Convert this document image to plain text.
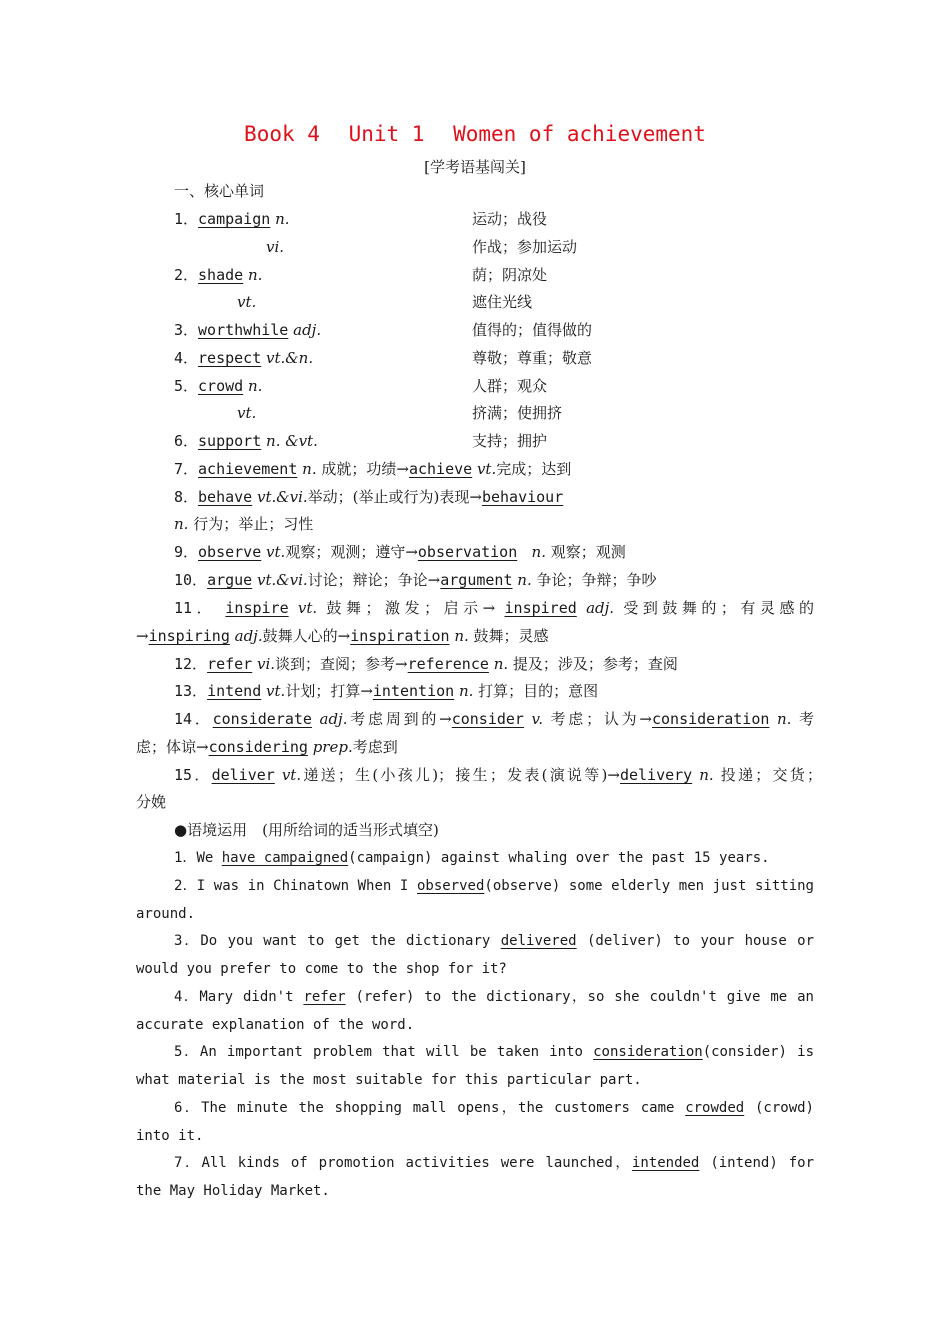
Book 4 Unit 1 Women of achievement
[学考语基闯关]
一、核心单词
1．campaign n.	运动；战役
vi.	作战；参加运动
2．shade n.	荫；阴凉处
vt.	遮住光线
3．worthwhile adj.	值得的；值得做的
4．respect vt.&n.	尊敬；尊重；敬意
5．crowd n.	人群；观众
vt.	挤满；使拥挤
6．support n. &vt.	支持；拥护
7．achievement n. 成就；功绩→achieve vt.完成；达到
8．behave vt.&vi.举动；(举止或行为)表现→behaviour
n. 行为；举止；习性
9．observe vt.观察；观测；遵守→observation n. 观察；观测
10．argue vt.&vi.讨论；辩论；争论→argument n. 争论；争辩；争吵
11． inspire vt. 鼓舞；激发；启示→ inspired adj. 受到鼓舞的；有灵感的
→inspiring adj.鼓舞人心的→inspiration n. 鼓舞；灵感
12．refer vi.谈到；查阅；参考→reference n. 提及；涉及；参考；查阅
13．intend vt.计划；打算→intention n. 打算；目的；意图
14．considerate adj.考虑周到的→consider v. 考虑；认为→consideration n. 考
虑；体谅→considering prep.考虑到
15．deliver vt.递送；生(小孩儿)；接生；发表(演说等)→delivery n. 投递；交货；
分娩
●语境运用　(用所给词的适当形式填空)
1．We have campaigned(campaign) against whaling over the past 15 years.
2．I was in Chinatown When I observed(observe) some elderly men just sitting
around.
3．Do you want to get the dictionary delivered (deliver) to your house or
would you prefer to come to the shop for it?
4．Mary didn't refer (refer) to the dictionary，so she couldn't give me an
accurate explanation of the word.
5．An important problem that will be taken into consideration(consider) is
what material is the most suitable for this particular part.
6．The minute the shopping mall opens，the customers came crowded (crowd)
into it.
7．All kinds of promotion activities were launched，intended (intend) for
the May Holiday Market.
